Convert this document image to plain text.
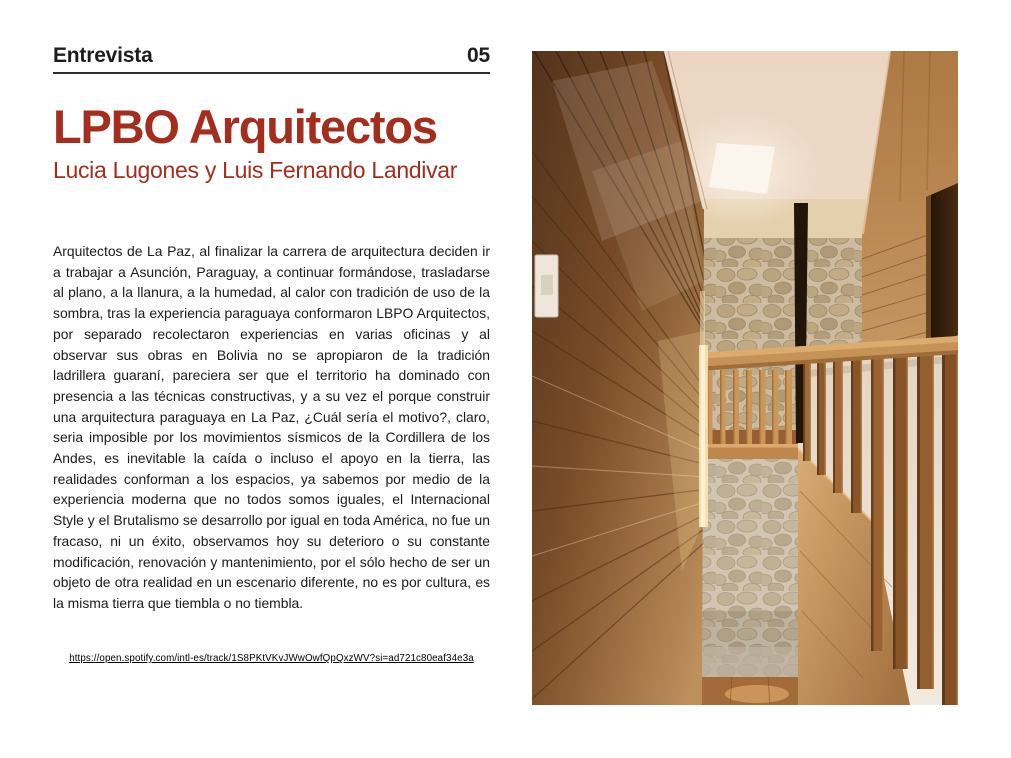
Entrevista	05
LPBO Arquitectos
Lucia Lugones y Luis Fernando Landivar
Arquitectos de La Paz, al finalizar la carrera de arquitectura deciden ir a trabajar a Asunción, Paraguay, a continuar formándose, trasladarse al plano, a la llanura, a la humedad, al calor con tradición de uso de la sombra, tras la experiencia paraguaya conformaron LBPO Arquitectos, por separado recolectaron experiencias en varias oficinas y al observar sus obras en Bolivia no se apropiaron de la tradición ladrillera guaraní, pareciera ser que el territorio ha dominado con presencia a las técnicas constructivas, y a su vez el porque construir una arquitectura paraguaya en La Paz, ¿Cuál sería el motivo?, claro, seria imposible por los movimientos sísmicos de la Cordillera de los Andes, es inevitable la caída o incluso el apoyo en la tierra, las realidades conforman a los espacios, ya sabemos por medio de la experiencia moderna que no todos somos iguales, el Internacional Style y el Brutalismo se desarrollo por igual en toda América, no fue un fracaso, ni un éxito, observamos hoy su deterioro o su constante modificación, renovación y mantenimiento, por el sólo hecho de ser un objeto de otra realidad en un escenario diferente, no es por cultura, es la misma tierra que tiembla o no tiembla.
https://open.spotify.com/intl-es/track/1S8PKtVKvJWwOwfQpQxzWV?si=ad721c80eaf34e3a
